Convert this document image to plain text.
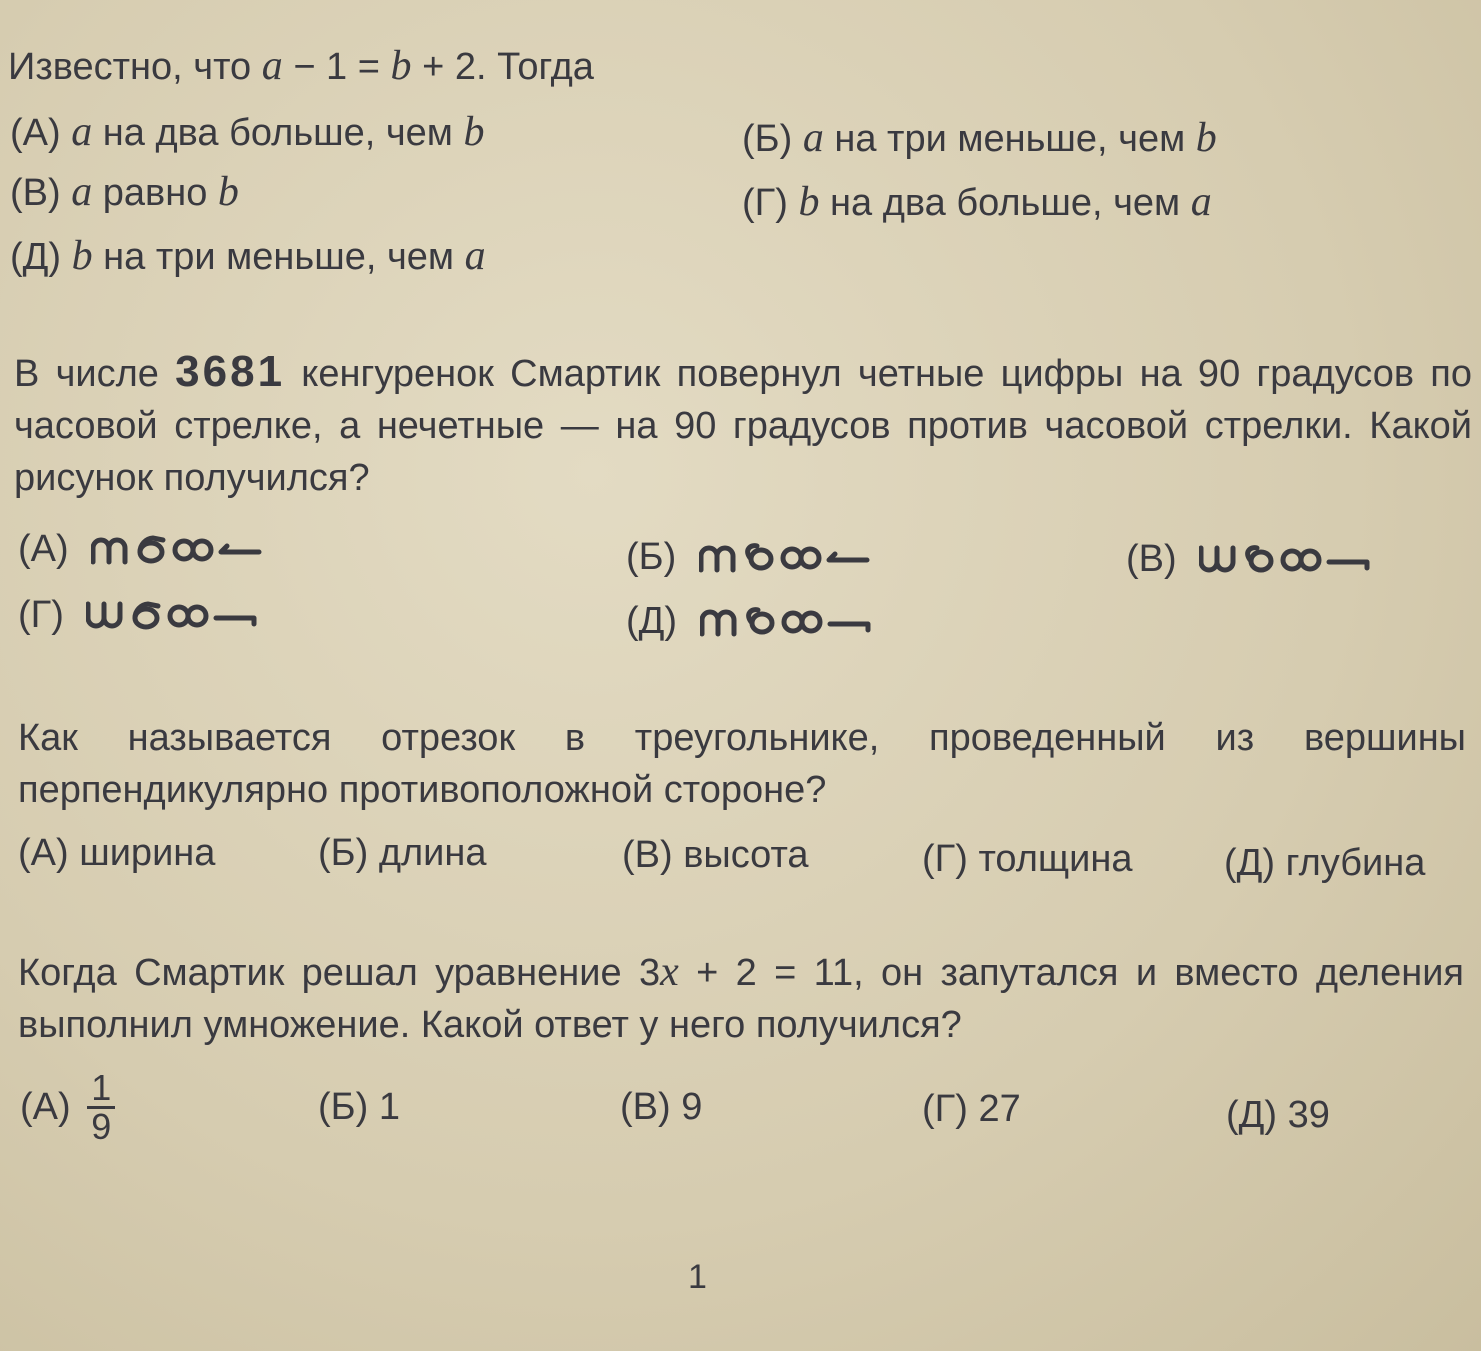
Известно, что a − 1 = b + 2. Тогда
(А) a на два больше, чем b	(Б) a на три меньше, чем b
(В) a равно b	(Г) b на два больше, чем a
(Д) b на три меньше, чем a
В числе 3681 кенгуренок Смартик повернул четные цифры на 90 градусов по часовой стрелке, а нечетные — на 90 градусов против часовой стрелки. Какой рисунок получился?
(А)	(Б)	(В)
(Г)	(Д)
Как называется отрезок в треугольнике, проведенный из вершины перпендикулярно противоположной стороне?
(А) ширина	(Б) длина	(В) высота	(Г) толщина (Д) глубина
Когда Смартик решал уравнение 3x + 2 = 11, он запутался и вместо деления выполнил умножение. Какой ответ у него получился?
$(А) \frac{1}{9}$	(Б) 1	(В) 9	(Г) 27	(Д) 39
1
